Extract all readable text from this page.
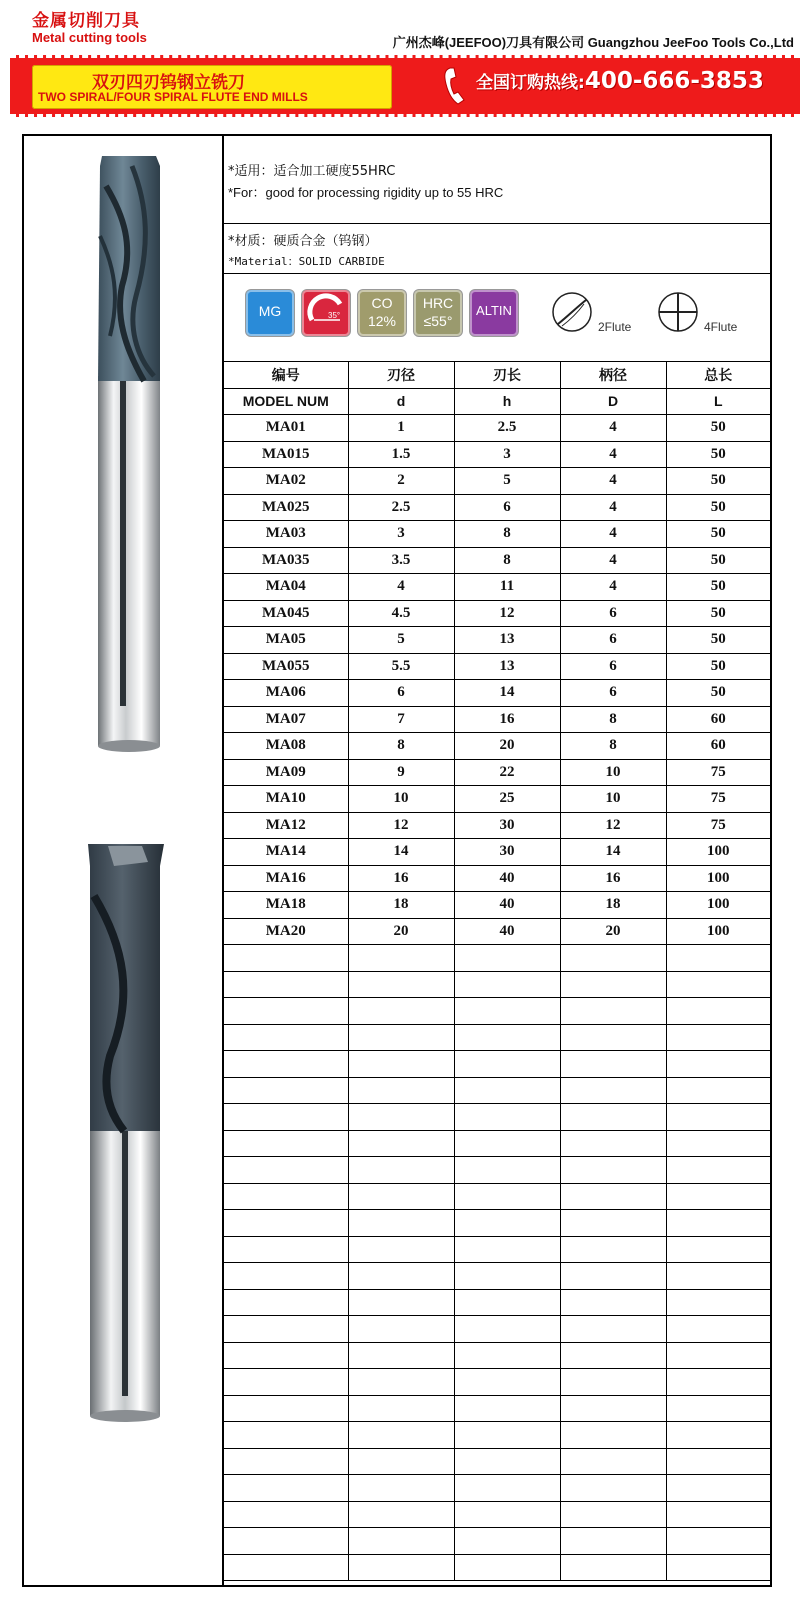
金属切削刀具
Metal cutting tools	广州杰峰(JEEFOO)刀具有限公司 Guangzhou JeeFoo Tools Co.,Ltd
双刃四刃钨钢立铣刀
TWO SPIRAL/FOUR SPIRAL FLUTE END MILLS
全国订购热线:400-666-3853
*适用：适合加工硬度55HRC
*For：good for processing rigidity up to 55 HRC
*材质：硬质合金（钨钢）
*Material：SOLID CARBIDE
MG	35°
CO
12%
HRC
≤55°
ALTIN
2Flute	4Flute
编号	刃径	刃长	柄径	总长
MODEL NUM	d	h	D	L
MA01	1	2.5	4	50
MA015	1.5	3	4	50
MA02	2	5	4	50
MA025	2.5	6	4	50
MA03	3	8	4	50
MA035	3.5	8	4	50
MA04	4	11	4	50
MA045	4.5	12	6	50
MA05	5	13	6	50
MA055	5.5	13	6	50
MA06	6	14	6	50
MA07	7	16	8	60
MA08	8	20	8	60
MA09	9	22	10	75
MA10	10	25	10	75
MA12	12	30	12	75
MA14	14	30	14	100
MA16	16	40	16	100
MA18	18	40	18	100
MA20	20	40	20	100
